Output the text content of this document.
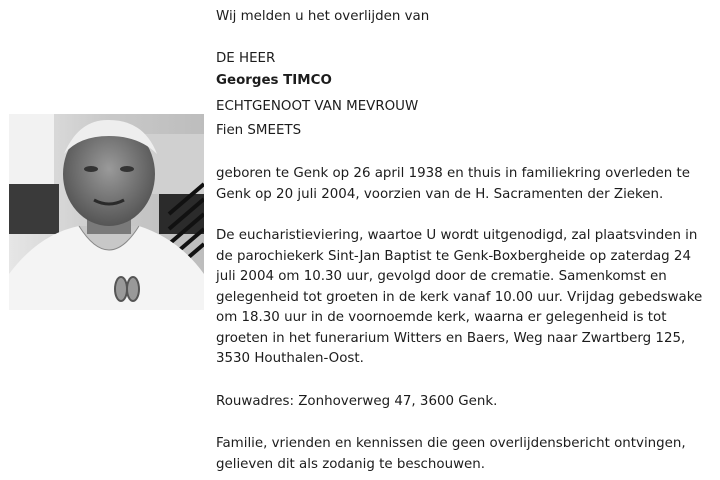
Wij melden u het overlijden van

DE HEER

Georges TIMCO

ECHTGENOOT VAN MEVROUW

Fien SMEETS

geboren te Genk op 26 april 1938 en thuis in familiekring overleden te

Genk op 20 juli 2004, voorzien van de H. Sacramenten der Zieken.

De eucharistieviering, waartoe U wordt uitgenodigd, zal plaatsvinden in

de parochiekerk Sint-Jan Baptist te Genk-Boxbergheide op zaterdag 24

juli 2004 om 10.30 uur, gevolgd door de crematie. Samenkomst en

gelegenheid tot groeten in de kerk vanaf 10.00 uur. Vrijdag gebedswake

om 18.30 uur in de voornoemde kerk, waarna er gelegenheid is tot

groeten in het funerarium Witters en Baers, Weg naar Zwartberg 125,

3530 Houthalen-Oost.

Rouwadres: Zonhoverweg 47, 3600 Genk.

Familie, vrienden en kennissen die geen overlijdensbericht ontvingen,

gelieven dit als zodanig te beschouwen.
